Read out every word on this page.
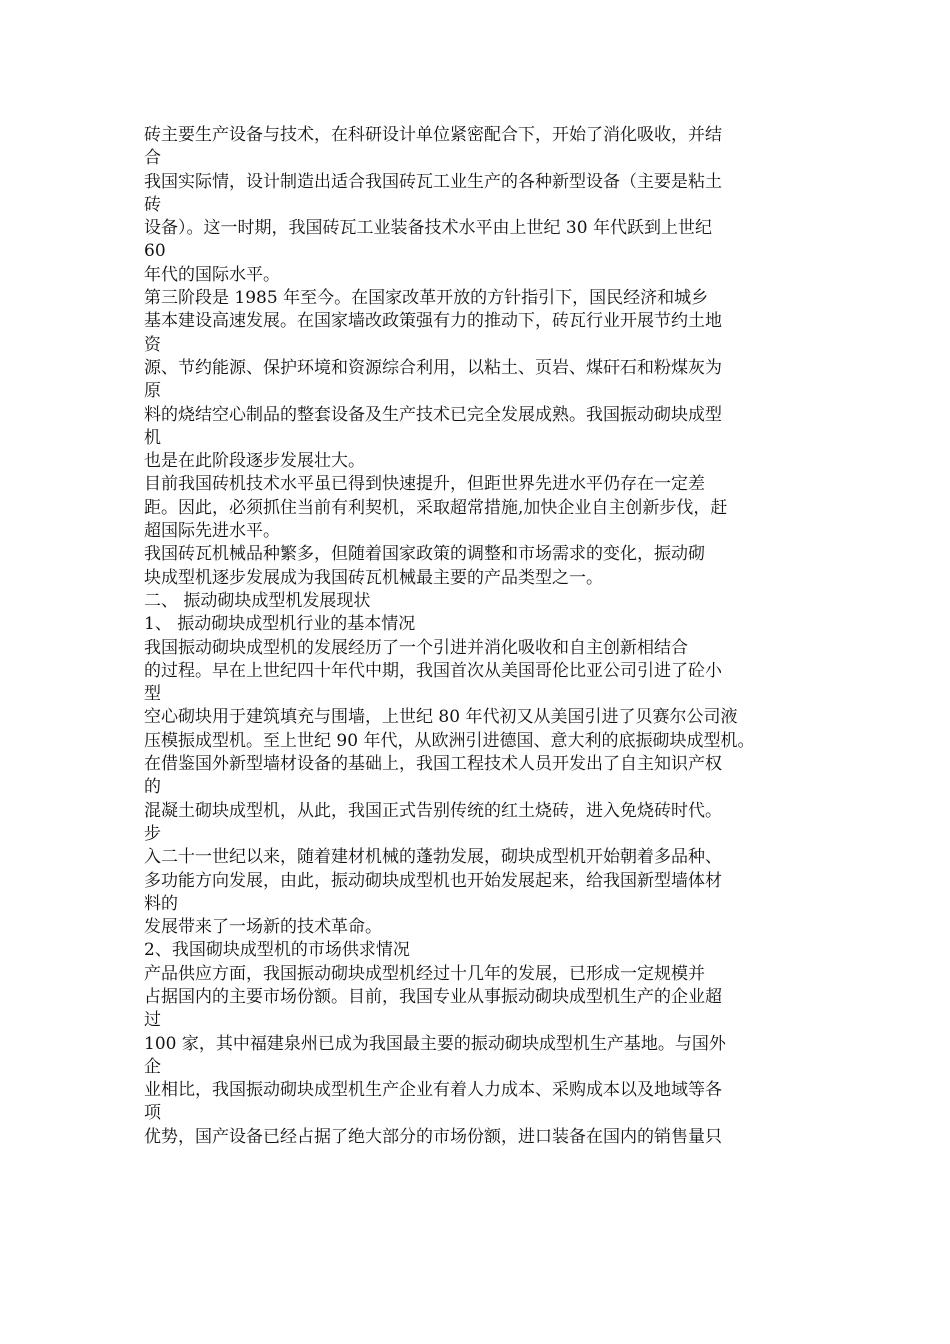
砖主要生产设备与技术，在科研设计单位紧密配合下，开始了消化吸收，并结

合

我国实际情，设计制造出适合我国砖瓦工业生产的各种新型设备（主要是粘土

砖

设备）。这一时期，我国砖瓦工业装备技术水平由上世纪 30 年代跃到上世纪

60

年代的国际水平。

第三阶段是 1985 年至今。在国家改革开放的方针指引下，国民经济和城乡

基本建设高速发展。在国家墙改政策强有力的推动下，砖瓦行业开展节约土地

资

源、节约能源、保护环境和资源综合利用，以粘土、页岩、煤矸石和粉煤灰为

原

料的烧结空心制品的整套设备及生产技术已完全发展成熟。我国振动砌块成型

机

也是在此阶段逐步发展壮大。

目前我国砖机技术水平虽已得到快速提升，但距世界先进水平仍存在一定差

距。因此，必须抓住当前有利契机，采取超常措施,加快企业自主创新步伐，赶

超国际先进水平。

我国砖瓦机械品种繁多，但随着国家政策的调整和市场需求的变化，振动砌

块成型机逐步发展成为我国砖瓦机械最主要的产品类型之一。

二、 振动砌块成型机发展现状

1、 振动砌块成型机行业的基本情况

我国振动砌块成型机的发展经历了一个引进并消化吸收和自主创新相结合

的过程。早在上世纪四十年代中期，我国首次从美国哥伦比亚公司引进了砼小

型

空心砌块用于建筑填充与围墙，上世纪 80 年代初又从美国引进了贝赛尔公司液

压模振成型机。至上世纪 90 年代，从欧洲引进德国、意大利的底振砌块成型机。

在借鉴国外新型墙材设备的基础上，我国工程技术人员开发出了自主知识产权

的

混凝土砌块成型机，从此，我国正式告别传统的红土烧砖，进入免烧砖时代。

步

入二十一世纪以来，随着建材机械的蓬勃发展，砌块成型机开始朝着多品种、

多功能方向发展，由此，振动砌块成型机也开始发展起来，给我国新型墙体材

料的

发展带来了一场新的技术革命。

2、我国砌块成型机的市场供求情况

产品供应方面，我国振动砌块成型机经过十几年的发展，已形成一定规模并

占据国内的主要市场份额。目前，我国专业从事振动砌块成型机生产的企业超

过

100 家，其中福建泉州已成为我国最主要的振动砌块成型机生产基地。与国外

企

业相比，我国振动砌块成型机生产企业有着人力成本、采购成本以及地域等各

项

优势，国产设备已经占据了绝大部分的市场份额，进口装备在国内的销售量只
